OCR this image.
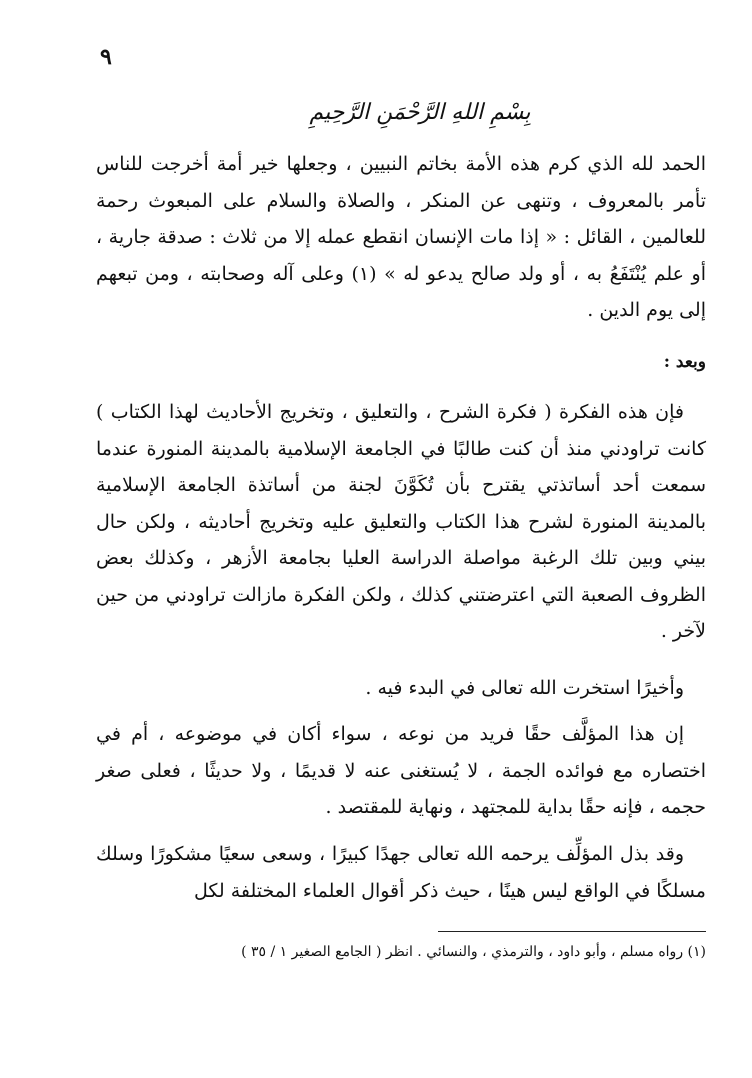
٩
بِسْمِ اللهِ الرَّحْمَنِ الرَّحِيمِ
الحمد لله الذي كرم هذه الأمة بخاتم النبيين ، وجعلها خير أمة أخرجت للناس تأمر بالمعروف ، وتنهى عن المنكر ، والصلاة والسلام على المبعوث رحمة للعالمين ، القائل : « إذا مات الإنسان انقطع عمله إلا من ثلاث : صدقة جارية ، أو علم يُنْتَفَعُ به ، أو ولد صالح يدعو له » (١) وعلى آله وصحابته ، ومن تبعهم إلى يوم الدين .
وبعد :
فإن هذه الفكرة ( فكرة الشرح ، والتعليق ، وتخريج الأحاديث لهذا الكتاب ) كانت تراودني منذ أن كنت طالبًا في الجامعة الإسلامية بالمدينة المنورة عندما سمعت أحد أساتذتي يقترح بأن تُكَوَّنَ لجنة من أساتذة الجامعة الإسلامية بالمدينة المنورة لشرح هذا الكتاب والتعليق عليه وتخريج أحاديثه ، ولكن حال بيني وبين تلك الرغبة مواصلة الدراسة العليا بجامعة الأزهر ، وكذلك بعض الظروف الصعبة التي اعترضتني كذلك ، ولكن الفكرة مازالت تراودني من حين لآخر .
وأخيرًا استخرت الله تعالى في البدء فيه .
إن هذا المؤلَّف حقًا فريد من نوعه ، سواء أكان في موضوعه ، أم في اختصاره مع فوائده الجمة ، لا يُستغنى عنه لا قديمًا ، ولا حديثًا ، فعلى صغر حجمه ، فإنه حقًا بداية للمجتهد ، ونهاية للمقتصد .
وقد بذل المؤلِّف يرحمه الله تعالى جهدًا كبيرًا ، وسعى سعيًا مشكورًا وسلك مسلكًا في الواقع ليس هينًا ، حيث ذكر أقوال العلماء المختلفة لكل
(١) رواه مسلم ، وأبو داود ، والترمذي ، والنسائي . انظر ( الجامع الصغير ١ / ٣٥ )
